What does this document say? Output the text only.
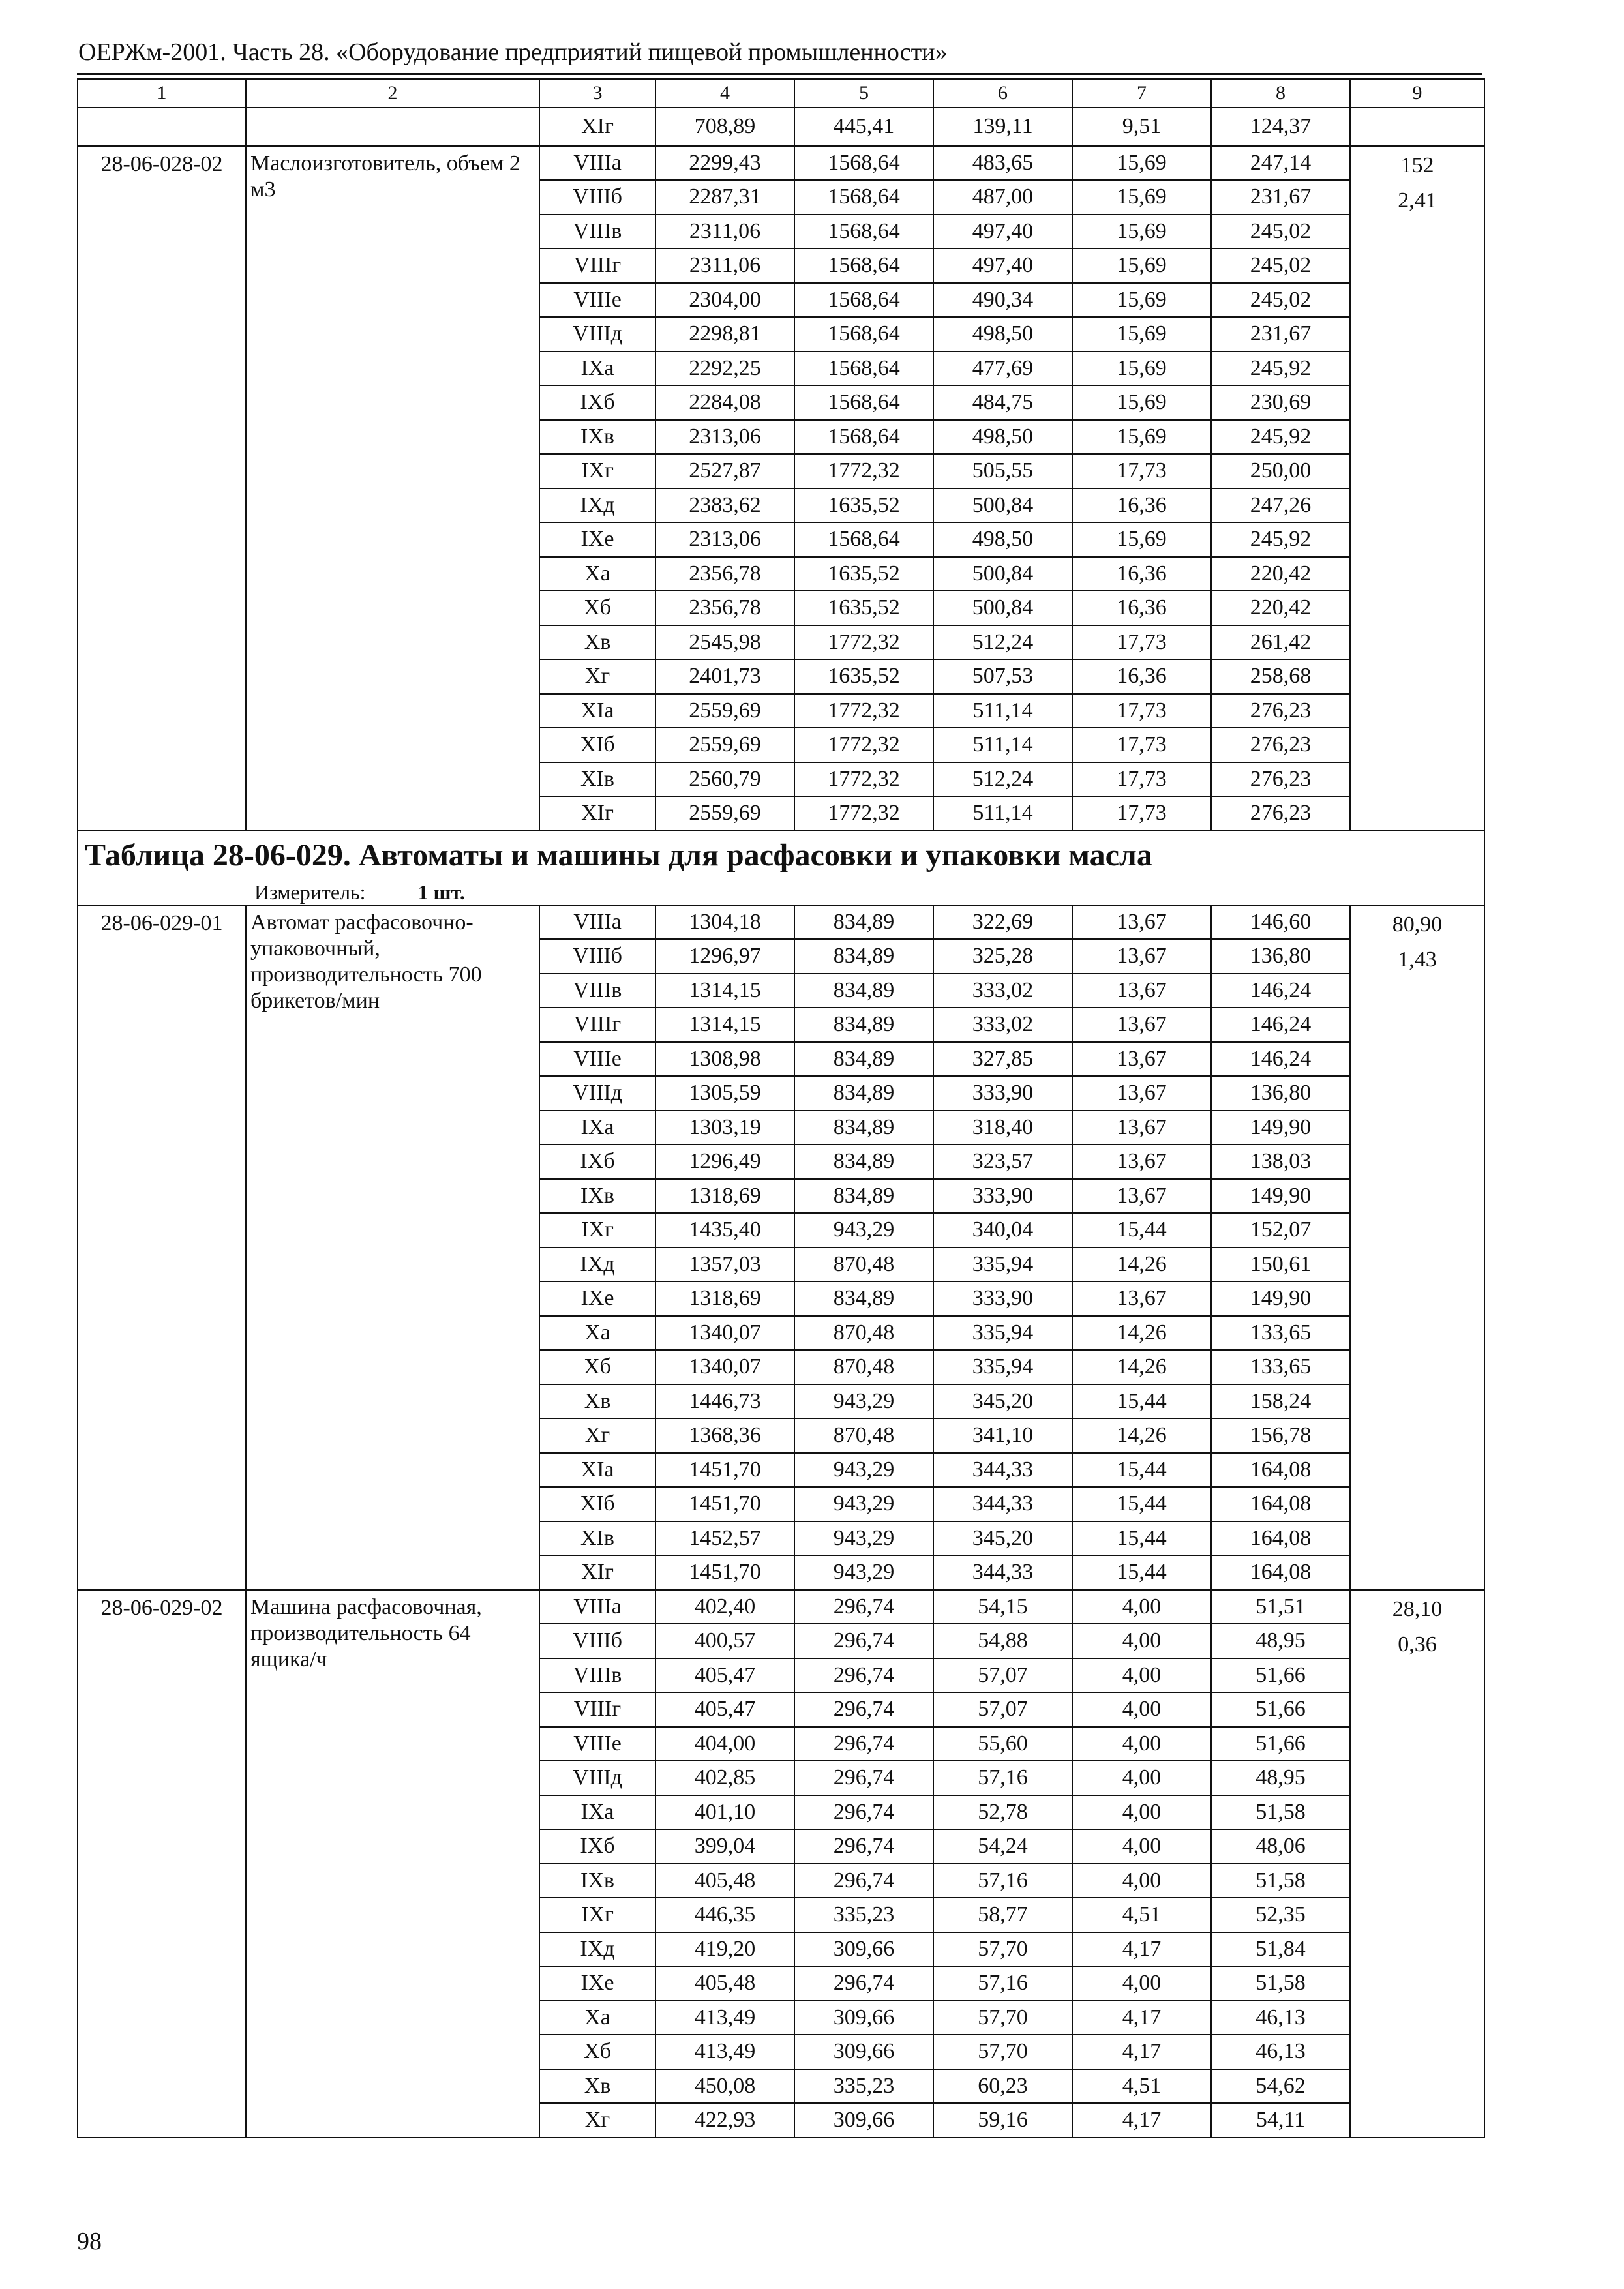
ОЕРЖм-2001. Часть 28. «Оборудование предприятий пищевой промышленности»
1	2	3	4	5	6	7	8	9
		XIг	708,89	445,41	139,11	9,51	124,37	
28-06-028-02	Маслоизготовитель, объем 2 м3	VIIIа	2299,43	1568,64	483,65	15,69	247,14	152
2,41

		VIIIб	2287,31	1568,64	487,00	15,69	231,67	
		VIIIв	2311,06	1568,64	497,40	15,69	245,02	
		VIIIг	2311,06	1568,64	497,40	15,69	245,02	
		VIIIе	2304,00	1568,64	490,34	15,69	245,02	
		VIIIд	2298,81	1568,64	498,50	15,69	231,67	
		IXа	2292,25	1568,64	477,69	15,69	245,92	
		IXб	2284,08	1568,64	484,75	15,69	230,69	
		IXв	2313,06	1568,64	498,50	15,69	245,92	
		IXг	2527,87	1772,32	505,55	17,73	250,00	
		IXд	2383,62	1635,52	500,84	16,36	247,26	
		IXе	2313,06	1568,64	498,50	15,69	245,92	
		Xа	2356,78	1635,52	500,84	16,36	220,42	
		Xб	2356,78	1635,52	500,84	16,36	220,42	
		Xв	2545,98	1772,32	512,24	17,73	261,42	
		Xг	2401,73	1635,52	507,53	16,36	258,68	
		XIа	2559,69	1772,32	511,14	17,73	276,23	
		XIб	2559,69	1772,32	511,14	17,73	276,23	
		XIв	2560,79	1772,32	512,24	17,73	276,23	
		XIг	2559,69	1772,32	511,14	17,73	276,23	
Таблица 28-06-029. Автоматы и машины для расфасовки и упаковки масла								
Измеритель: 1 шт.								
28-06-029-01	Автомат расфасовочно-упаковочный, производительность 700 брикетов/мин	VIIIа	1304,18	834,89	322,69	13,67	146,60	80,90
1,43

		VIIIб	1296,97	834,89	325,28	13,67	136,80	
		VIIIв	1314,15	834,89	333,02	13,67	146,24	
		VIIIг	1314,15	834,89	333,02	13,67	146,24	
		VIIIе	1308,98	834,89	327,85	13,67	146,24	
		VIIIд	1305,59	834,89	333,90	13,67	136,80	
		IXа	1303,19	834,89	318,40	13,67	149,90	
		IXб	1296,49	834,89	323,57	13,67	138,03	
		IXв	1318,69	834,89	333,90	13,67	149,90	
		IXг	1435,40	943,29	340,04	15,44	152,07	
		IXд	1357,03	870,48	335,94	14,26	150,61	
		IXе	1318,69	834,89	333,90	13,67	149,90	
		Xа	1340,07	870,48	335,94	14,26	133,65	
		Xб	1340,07	870,48	335,94	14,26	133,65	
		Xв	1446,73	943,29	345,20	15,44	158,24	
		Xг	1368,36	870,48	341,10	14,26	156,78	
		XIа	1451,70	943,29	344,33	15,44	164,08	
		XIб	1451,70	943,29	344,33	15,44	164,08	
		XIв	1452,57	943,29	345,20	15,44	164,08	
		XIг	1451,70	943,29	344,33	15,44	164,08	
28-06-029-02	Машина расфасовочная, производительность 64 ящика/ч	VIIIа	402,40	296,74	54,15	4,00	51,51	28,10
0,36

		VIIIб	400,57	296,74	54,88	4,00	48,95	
		VIIIв	405,47	296,74	57,07	4,00	51,66	
		VIIIг	405,47	296,74	57,07	4,00	51,66	
		VIIIе	404,00	296,74	55,60	4,00	51,66	
		VIIIд	402,85	296,74	57,16	4,00	48,95	
		IXа	401,10	296,74	52,78	4,00	51,58	
		IXб	399,04	296,74	54,24	4,00	48,06	
		IXв	405,48	296,74	57,16	4,00	51,58	
		IXг	446,35	335,23	58,77	4,51	52,35	
		IXд	419,20	309,66	57,70	4,17	51,84	
		IXе	405,48	296,74	57,16	4,00	51,58	
		Xа	413,49	309,66	57,70	4,17	46,13	
		Xб	413,49	309,66	57,70	4,17	46,13	
		Xв	450,08	335,23	60,23	4,51	54,62	
		Xг	422,93	309,66	59,16	4,17	54,11	
98
